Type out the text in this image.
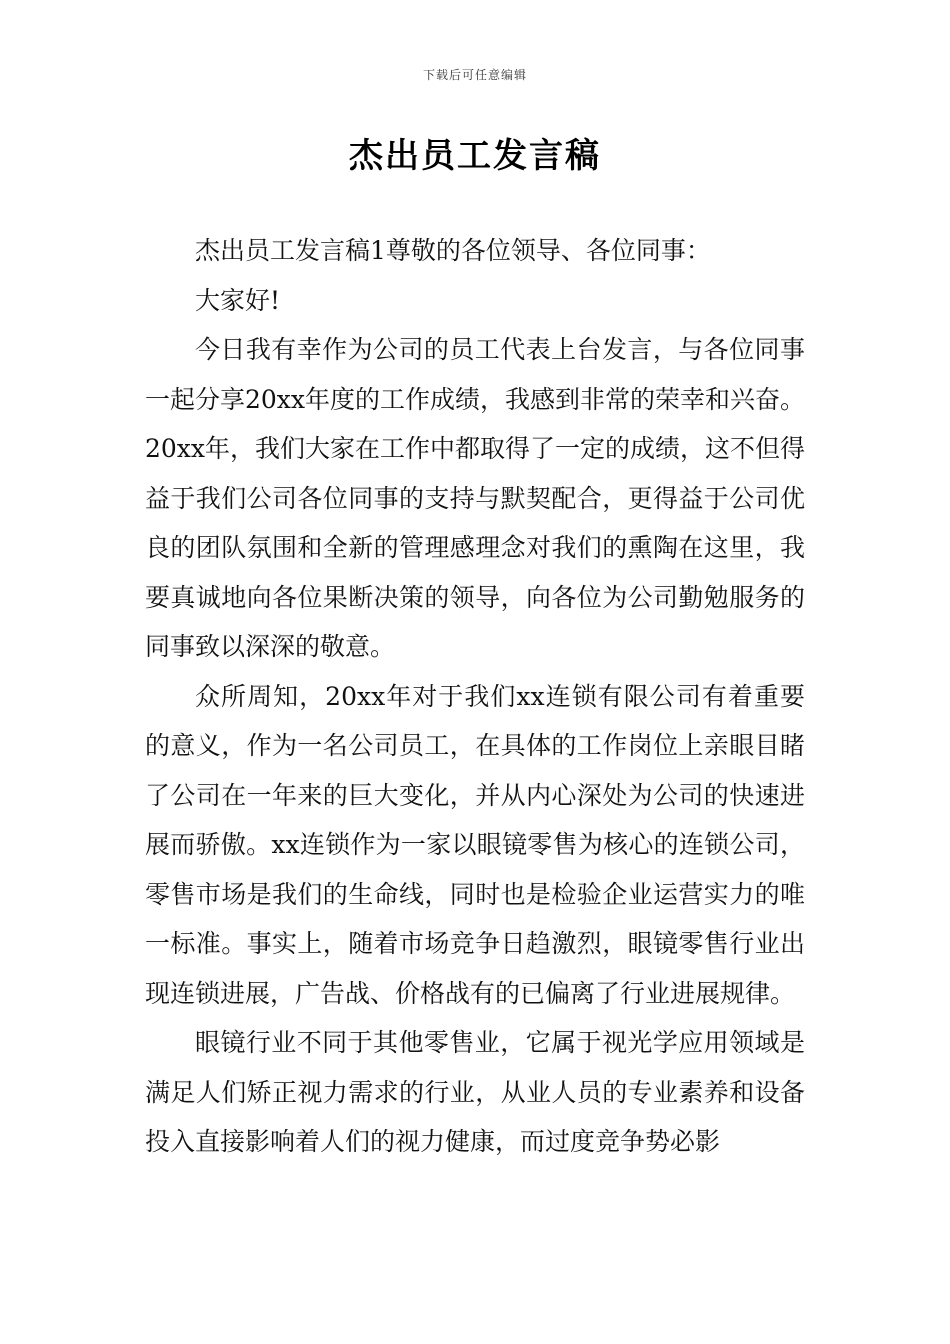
下载后可任意编辑
杰出员工发言稿

杰出员工发言稿1尊敬的各位领导、各位同事：

大家好!

今日我有幸作为公司的员工代表上台发言，与各位同事一起分享20xx年度的工作成绩，我感到非常的荣幸和兴奋。20xx年，我们大家在工作中都取得了一定的成绩，这不但得益于我们公司各位同事的支持与默契配合，更得益于公司优良的团队氛围和全新的管理感理念对我们的熏陶在这里，我要真诚地向各位果断决策的领导，向各位为公司勤勉服务的同事致以深深的敬意。

众所周知，20xx年对于我们xx连锁有限公司有着重要的意义，作为一名公司员工，在具体的工作岗位上亲眼目睹了公司在一年来的巨大变化，并从内心深处为公司的快速进展而骄傲。xx连锁作为一家以眼镜零售为核心的连锁公司，零售市场是我们的生命线，同时也是检验企业运营实力的唯一标准。事实上，随着市场竞争日趋激烈，眼镜零售行业出现连锁进展，广告战、价格战有的已偏离了行业进展规律。

眼镜行业不同于其他零售业，它属于视光学应用领域是满足人们矫正视力需求的行业，从业人员的专业素养和设备投入直接影响着人们的视力健康，而过度竞争势必影
